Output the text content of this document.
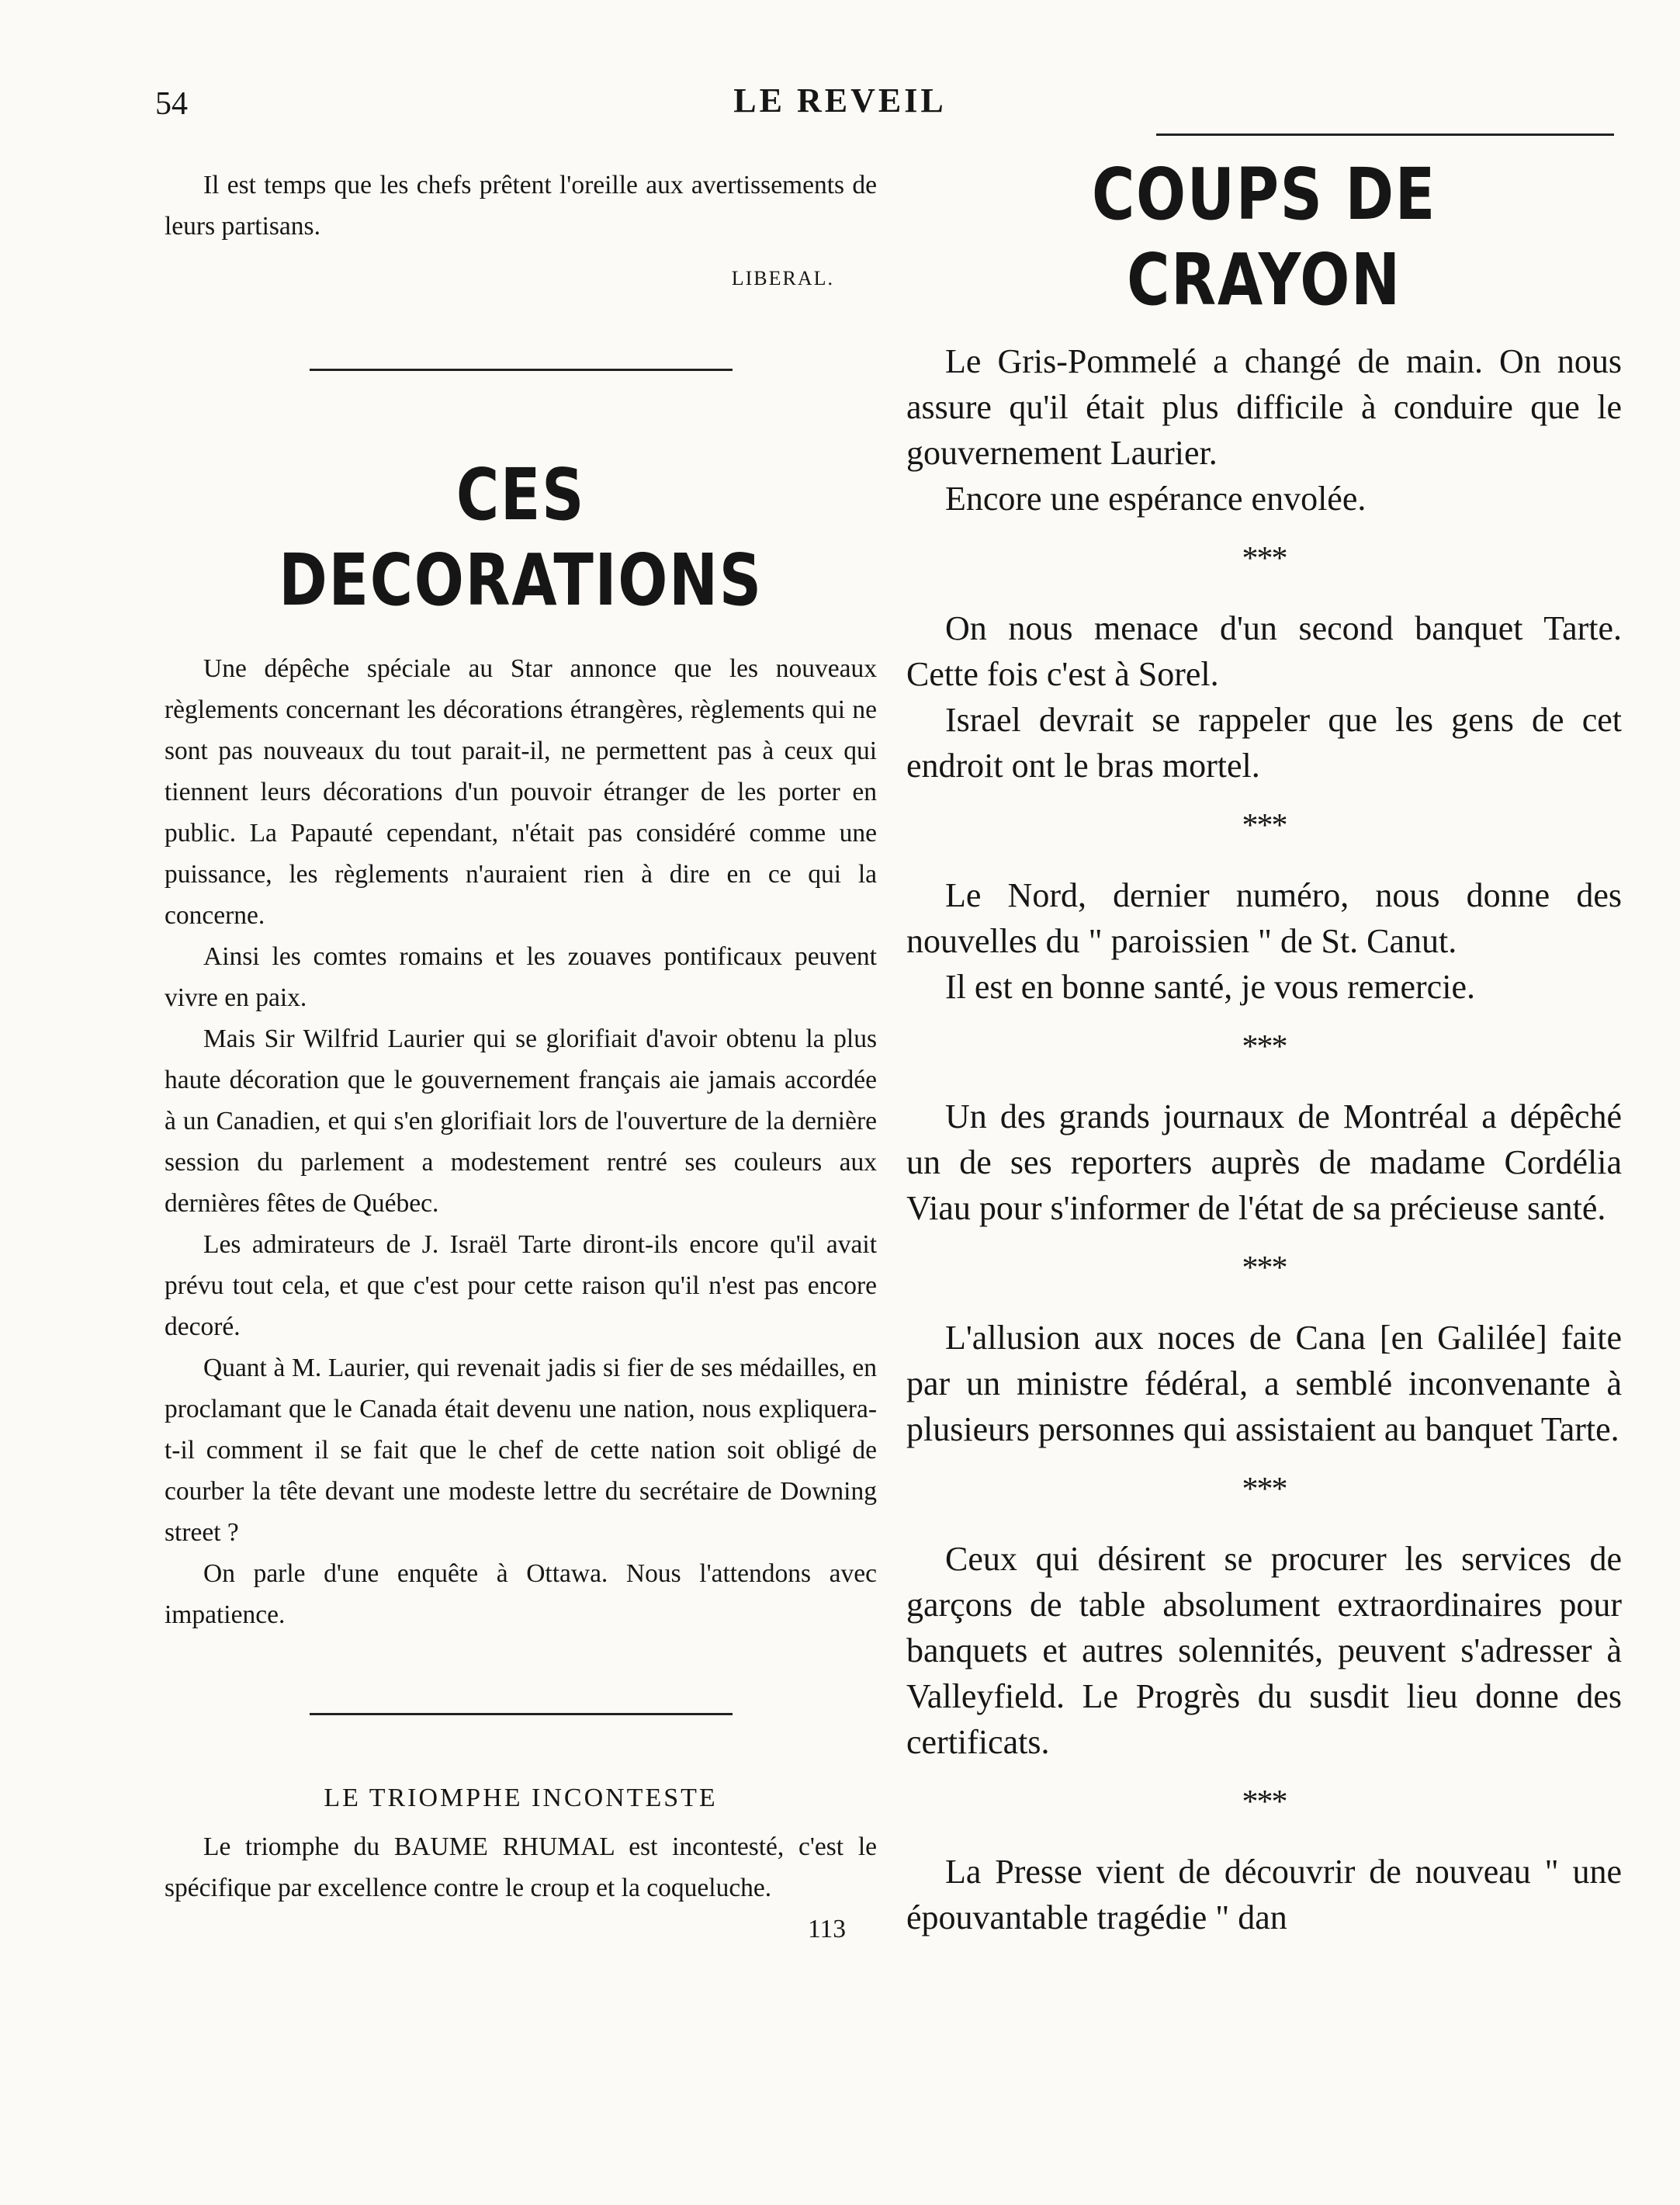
54	LE REVEIL

Il est temps que les chefs prêtent l'oreille aux avertissements de leurs partisans.

LIBERAL.
CES DECORATIONS

Une dépêche spéciale au Star annonce que les nouveaux règlements concernant les décorations étrangères, règlements qui ne sont pas nouveaux du tout parait-il, ne permettent pas à ceux qui tiennent leurs décorations d'un pouvoir étranger de les porter en public. La Papauté cependant, n'était pas considéré comme une puissance, les règlements n'auraient rien à dire en ce qui la concerne.

Ainsi les comtes romains et les zouaves pontificaux peuvent vivre en paix.

Mais Sir Wilfrid Laurier qui se glorifiait d'avoir obtenu la plus haute décoration que le gouvernement français aie jamais accordée à un Canadien, et qui s'en glorifiait lors de l'ouverture de la dernière session du parlement a modestement rentré ses couleurs aux dernières fêtes de Québec.

Les admirateurs de J. Israël Tarte diront-ils encore qu'il avait prévu tout cela, et que c'est pour cette raison qu'il n'est pas encore decoré.

Quant à M. Laurier, qui revenait jadis si fier de ses médailles, en proclamant que le Canada était devenu une nation, nous expliquera-t-il comment il se fait que le chef de cette nation soit obligé de courber la tête devant une modeste lettre du secrétaire de Downing street ?

On parle d'une enquête à Ottawa. Nous l'attendons avec impatience.

LE TRIOMPHE INCONTESTE

Le triomphe du BAUME RHUMAL est incontesté, c'est le spécifique par excellence contre le croup et la coqueluche.
113

COUPS DE CRAYON

Le Gris-Pommelé a changé de main. On nous assure qu'il était plus difficile à conduire que le gouvernement Laurier.

Encore une espérance envolée.

***

On nous menace d'un second banquet Tarte. Cette fois c'est à Sorel.

Israel devrait se rappeler que les gens de cet endroit ont le bras mortel.

***

Le Nord, dernier numéro, nous donne des nouvelles du " paroissien " de St. Canut.

Il est en bonne santé, je vous remercie.

***

Un des grands journaux de Montréal a dépêché un de ses reporters auprès de madame Cordélia Viau pour s'informer de l'état de sa précieuse santé.

***

L'allusion aux noces de Cana [en Galilée] faite par un ministre fédéral, a semblé inconvenante à plusieurs personnes qui assistaient au banquet Tarte.

***

Ceux qui désirent se procurer les services de garçons de table absolument extraordinaires pour banquets et autres solennités, peuvent s'adresser à Valleyfield. Le Progrès du susdit lieu donne des certificats.

***

La Presse vient de découvrir de nouveau " une épouvantable tragédie " dan
